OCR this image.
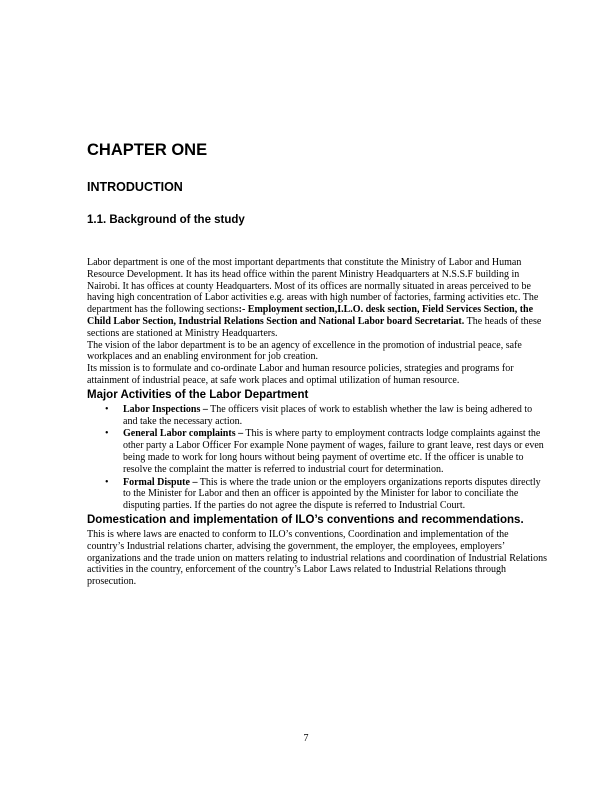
CHAPTER ONE
INTRODUCTION
1.1. Background of the study

Labor department is one of the most important departments that constitute the Ministry of Labor and Human Resource Development. It has its head office within the parent Ministry Headquarters at N.S.S.F building in Nairobi. It has offices at county Headquarters. Most of its offices are normally situated in areas perceived to be having high concentration of Labor activities e.g. areas with high number of factories, farming activities etc. The department has the following sections:- Employment section,I.L.O. desk section, Field Services Section, the Child Labor Section, Industrial Relations Section and National Labor board Secretariat. The heads of these sections are stationed at Ministry Headquarters.

The vision of the labor department is to be an agency of excellence in the promotion of industrial peace, safe workplaces and an enabling environment for job creation.

Its mission is to formulate and co-ordinate Labor and human resource policies, strategies and programs for attainment of industrial peace, at safe work places and optimal utilization of human resource.

Major Activities of the Labor Department
• Labor Inspections – The officers visit places of work to establish whether the law is being adhered to and take the necessary action.
• General Labor complaints – This is where party to employment contracts lodge complaints against the other party a Labor Officer For example None payment of wages, failure to grant leave, rest days or even being made to work for long hours without being payment of overtime etc. If the officer is unable to resolve the complaint the matter is referred to industrial court for determination.
• Formal Dispute – This is where the trade union or the employers organizations reports disputes directly to the Minister for Labor and then an officer is appointed by the Minister for labor to conciliate the disputing parties. If the parties do not agree the dispute is referred to Industrial Court.
Domestication and implementation of ILO’s conventions and recommendations.

This is where laws are enacted to conform to ILO’s conventions, Coordination and implementation of the country’s Industrial relations charter, advising the government, the employer, the employees, employers’ organizations and the trade union on matters relating to industrial relations and coordination of Industrial Relations activities in the country, enforcement of the country’s Labor Laws related to Industrial Relations through prosecution.

7
